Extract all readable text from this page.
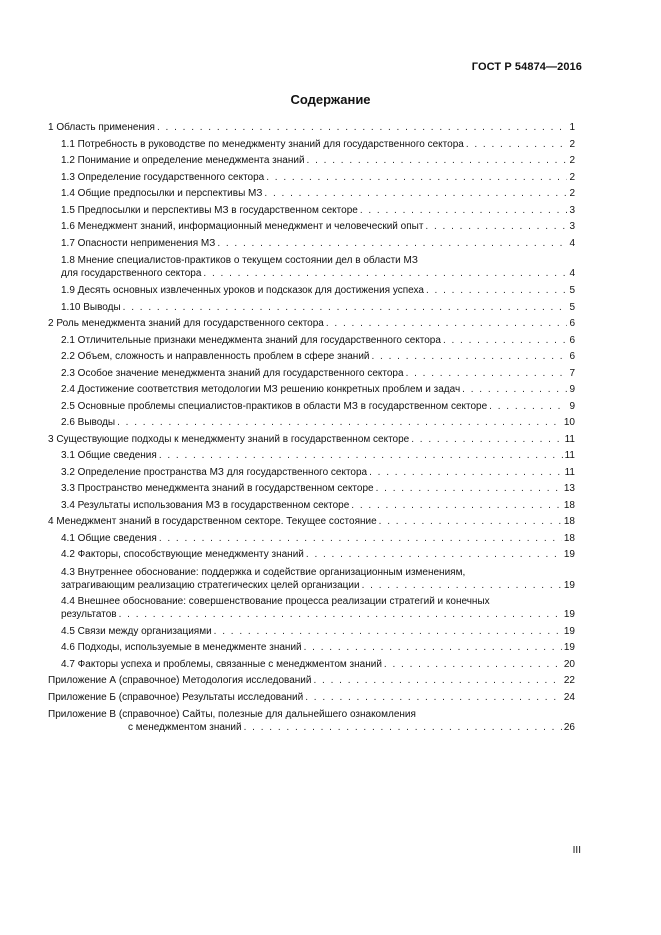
ГОСТ Р 54874—2016
Содержание
1 Область применения . . .	1
1.1 Потребность в руководстве по менеджменту знаний для государственного сектора . . .	2
1.2 Понимание и определение менеджмента знаний . . .	2
1.3 Определение государственного сектора . . .	2
1.4 Общие предпосылки и перспективы МЗ . . .	2
1.5 Предпосылки и перспективы МЗ в государственном секторе . . .	3
1.6 Менеджмент знаний, информационный менеджмент и человеческий опыт . . .	3
1.7 Опасности неприменения МЗ . . .	4
1.8 Мнение специалистов-практиков о текущем состоянии дел в области МЗ
для государственного сектора . . .	4
1.9 Десять основных извлеченных уроков и подсказок для достижения успеха . . .	5
1.10 Выводы . . .	5
2 Роль менеджмента знаний для государственного сектора . . .	6
2.1 Отличительные признаки менеджмента знаний для государственного сектора . . .	6
2.2 Объем, сложность и направленность проблем в сфере знаний . . .	6
2.3 Особое значение менеджмента знаний для государственного сектора . . .	7
2.4 Достижение соответствия методологии МЗ решению конкретных проблем и задач . . .	9
2.5 Основные проблемы специалистов-практиков в области МЗ в государственном секторе . . .	9
2.6 Выводы . . .	10
3 Существующие подходы к менеджменту знаний в государственном секторе . . .	11
3.1 Общие сведения . . .	11
3.2 Определение пространства МЗ для государственного сектора . . .	11
3.3 Пространство менеджмента знаний в государственном секторе . . .	13
3.4 Результаты использования МЗ в государственном секторе . . .	18
4 Менеджмент знаний в государственном секторе. Текущее состояние . . .	18
4.1 Общие сведения . . .	18
4.2 Факторы, способствующие менеджменту знаний . . .	19
4.3 Внутреннее обоснование: поддержка и содействие организационным изменениям,
затрагивающим реализацию стратегических целей организации . . .	19
4.4 Внешнее обоснование: совершенствование процесса реализации стратегий и конечных
результатов . . .	19
4.5 Связи между организациями . . .	19
4.6 Подходы, используемые в менеджменте знаний . . .	19
4.7 Факторы успеха и проблемы, связанные с менеджментом знаний . . .	20
Приложение А (справочное) Методология исследований . . .	22
Приложение Б (справочное) Результаты исследований . . .	24
Приложение В (справочное) Сайты, полезные для дальнейшего ознакомления
с менеджментом знаний . . .	26
III
